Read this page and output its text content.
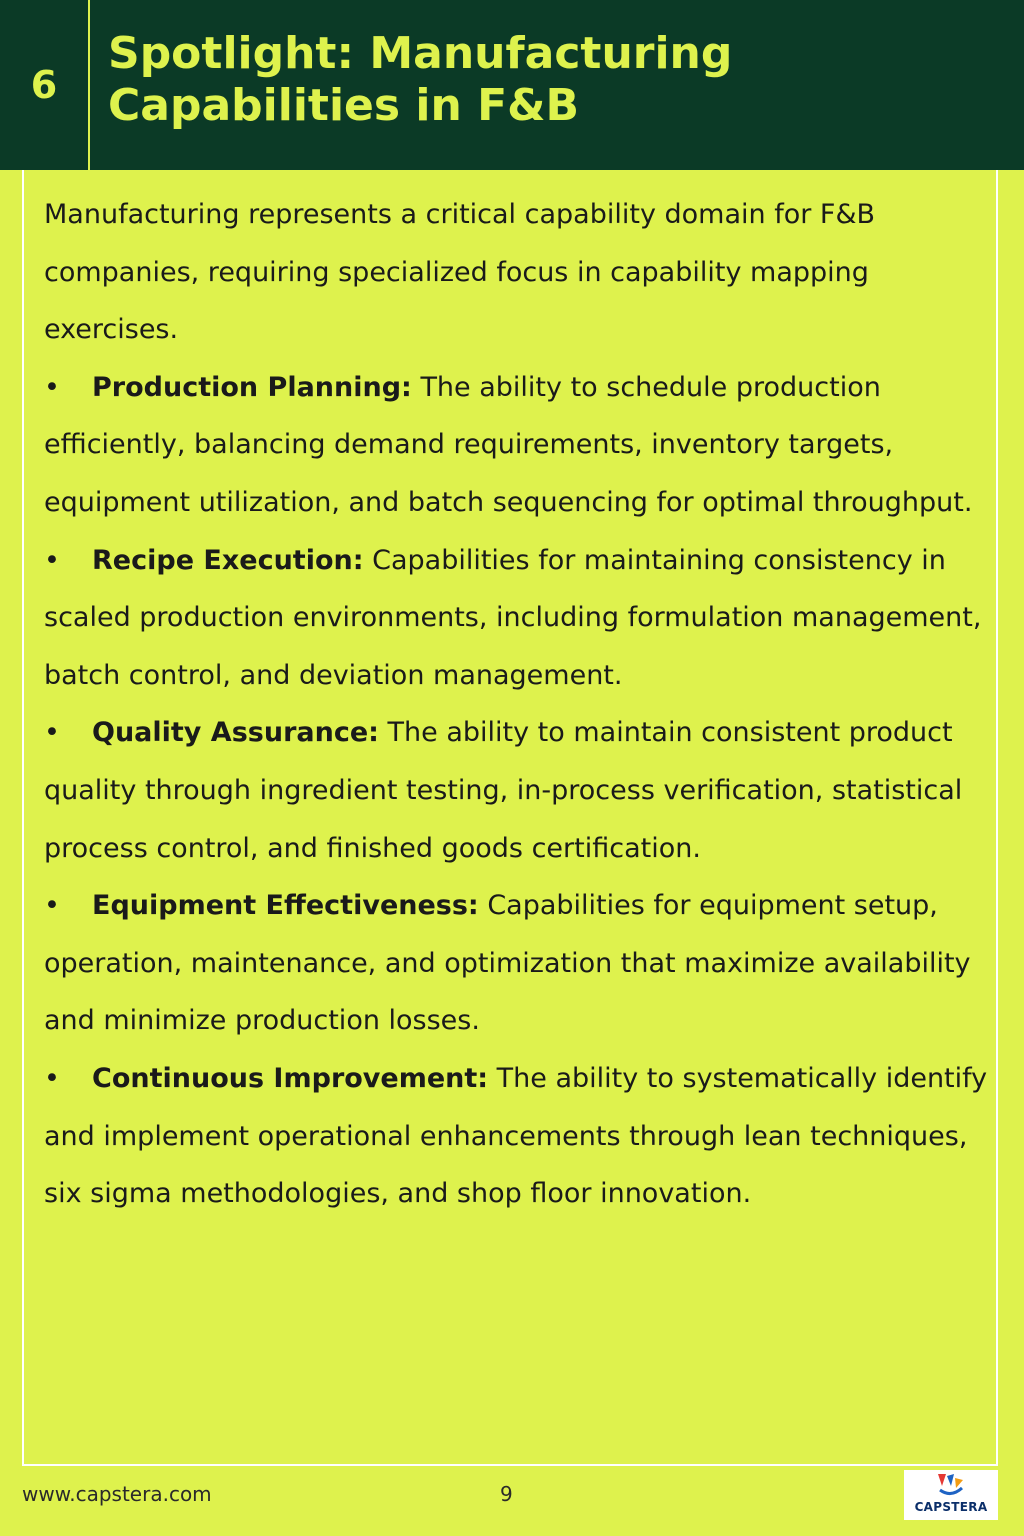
6
Spotlight: Manufacturing
Capabilities in F&B

Manufacturing represents a critical capability domain for F&B companies, requiring specialized focus in capability mapping exercises.

• Production Planning: The ability to schedule production efficiently, balancing demand requirements, inventory targets, equipment utilization, and batch sequencing for optimal throughput.

• Recipe Execution: Capabilities for maintaining consistency in scaled production environments, including formulation management, batch control, and deviation management.

• Quality Assurance: The ability to maintain consistent product quality through ingredient testing, in-process verification, statistical process control, and finished goods certification.

• Equipment Effectiveness: Capabilities for equipment setup, operation, maintenance, and optimization that maximize availability and minimize production losses.

• Continuous Improvement: The ability to systematically identify and implement operational enhancements through lean techniques, six sigma methodologies, and shop floor innovation.

www.capstera.com	9
CAPSTERA
